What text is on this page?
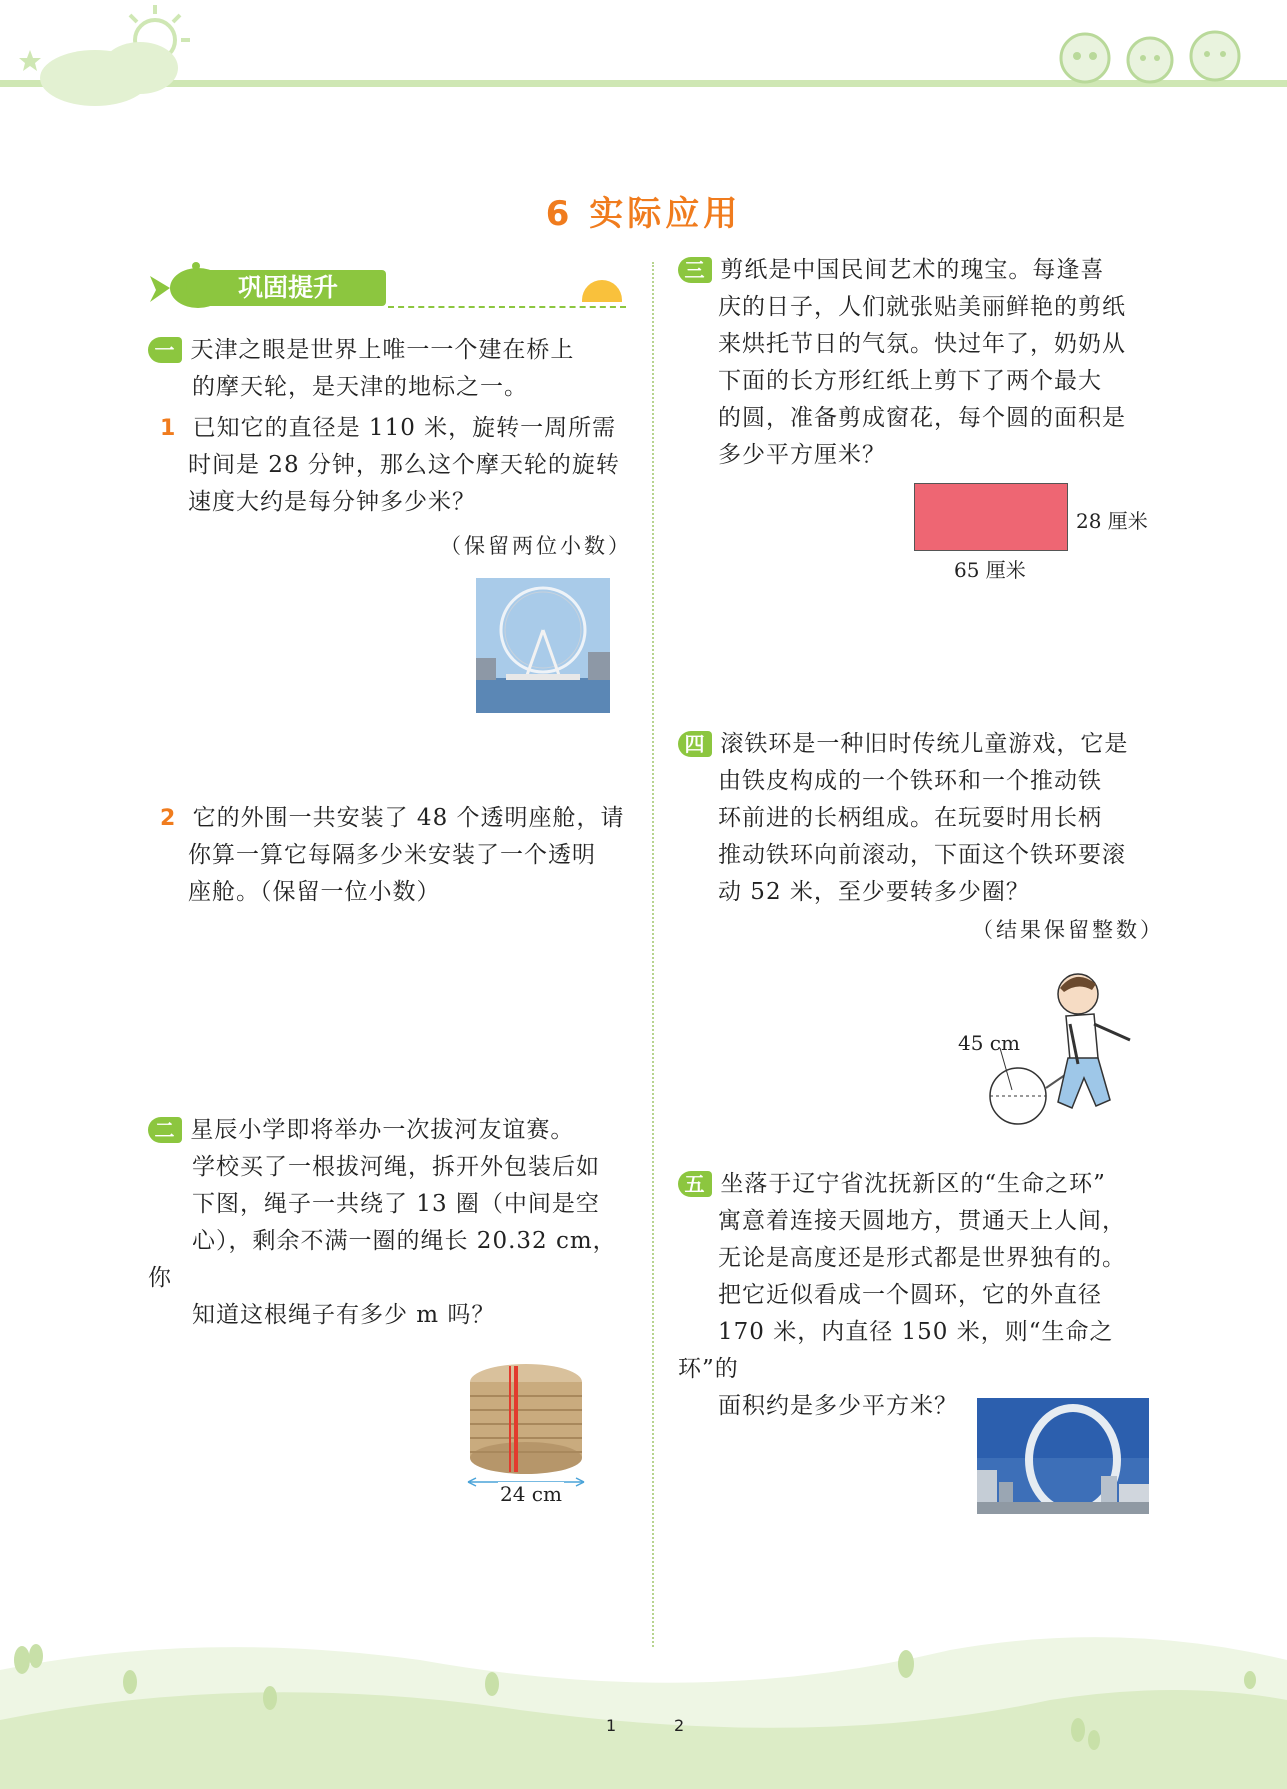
6 实际应用
巩固提升
一 天津之眼是世界上唯一一个建在桥上
的摩天轮，是天津的地标之一。
1 已知它的直径是 110 米，旋转一周所需
时间是 28 分钟，那么这个摩天轮的旋转
速度大约是每分钟多少米？
（保留两位小数）
2 它的外围一共安装了 48 个透明座舱，请
你算一算它每隔多少米安装了一个透明
座舱。（保留一位小数）
二 星辰小学即将举办一次拔河友谊赛。
学校买了一根拔河绳，拆开外包装后如
下图，绳子一共绕了 13 圈（中间是空
心），剩余不满一圈的绳长 20.32 cm，你
知道这根绳子有多少 m 吗？
24 cm
三 剪纸是中国民间艺术的瑰宝。每逢喜
庆的日子，人们就张贴美丽鲜艳的剪纸
来烘托节日的气氛。快过年了，奶奶从
下面的长方形红纸上剪下了两个最大
的圆，准备剪成窗花，每个圆的面积是
多少平方厘米？
28 厘米
65 厘米
四 滚铁环是一种旧时传统儿童游戏，它是
由铁皮构成的一个铁环和一个推动铁
环前进的长柄组成。在玩耍时用长柄
推动铁环向前滚动，下面这个铁环要滚
动 52 米，至少要转多少圈？
（结果保留整数）
45 cm
五 坐落于辽宁省沈抚新区的“生命之环”
寓意着连接天圆地方，贯通天上人间，
无论是高度还是形式都是世界独有的。
把它近似看成一个圆环，它的外直径
170 米，内直径 150 米，则“生命之环”的
面积约是多少平方米？
1	2
